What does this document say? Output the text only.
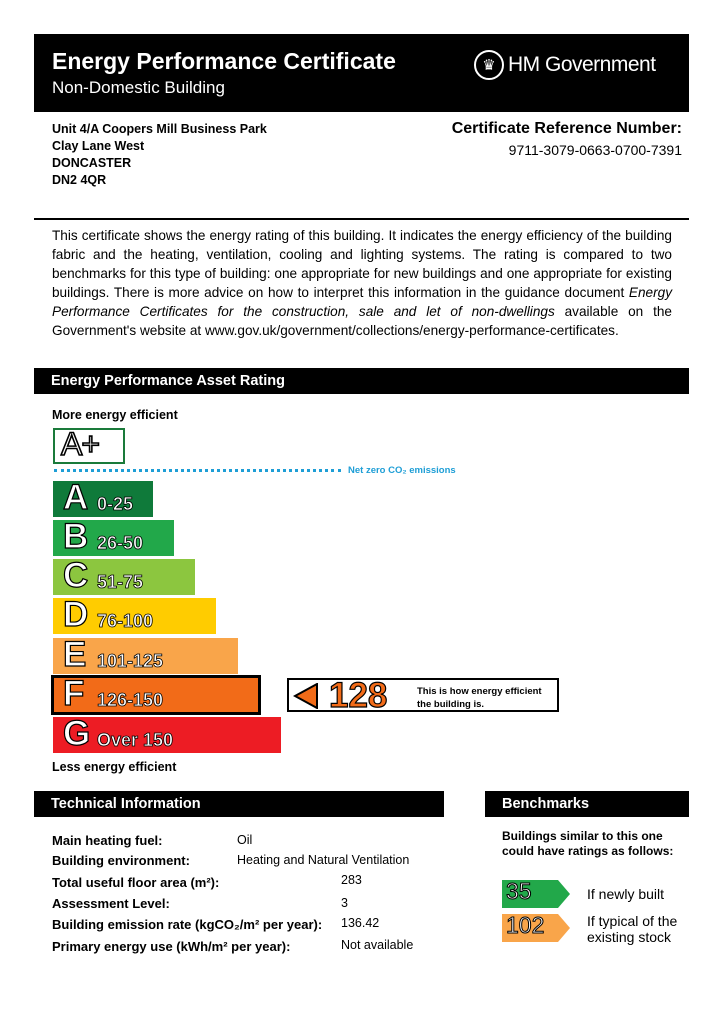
Energy Performance Certificate
Non-Domestic Building
♛ HM Government
Unit 4/A Coopers Mill Business Park
Clay Lane West
DONCASTER
DN2 4QR
Certificate Reference Number:
9711-3079-0663-0700-7391
This certificate shows the energy rating of this building. It indicates the energy efficiency of the building fabric and the heating, ventilation, cooling and lighting systems. The rating is compared to two benchmarks for this type of building: one appropriate for new buildings and one appropriate for existing buildings. There is more advice on how to interpret this information in the guidance document Energy Performance Certificates for the construction, sale and let of non-dwellings available on the Government's website at www.gov.uk/government/collections/energy-performance-certificates.
Energy Performance Asset Rating
More energy efficient
A+
Net zero CO₂ emissions
A 0-25
B 26-50
C 51-75
D 76-100
E 101-125
F 126-150
G Over 150
128	This is how energy efficient the building is.
Less energy efficient
Technical Information
Main heating fuel:	Oil
Building environment:	Heating and Natural Ventilation
Total useful floor area (m²):	283
Assessment Level:	3
Building emission rate (kgCO₂/m² per year): 136.42
Primary energy use (kWh/m² per year):	Not available
Benchmarks
Buildings similar to this one could have ratings as follows:
35	If newly built
102	If typical of the
existing stock
